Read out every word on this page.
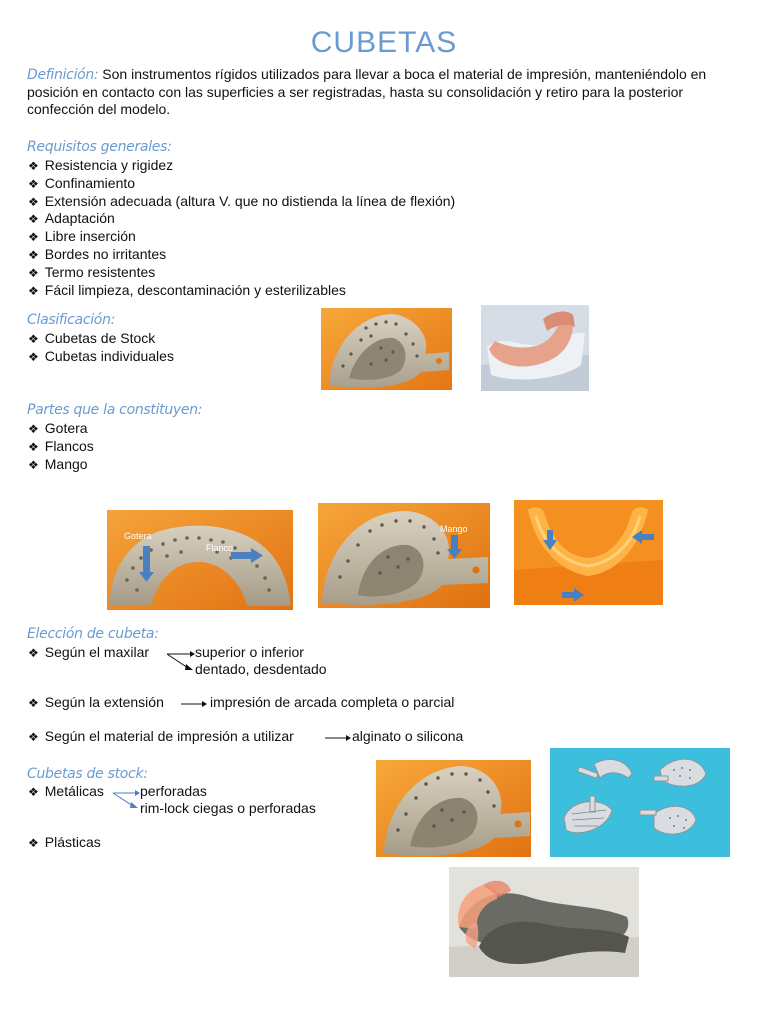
CUBETAS
Definición: Son instrumentos rígidos utilizados para llevar a boca el material de impresión, manteniéndolo en posición en contacto con las superficies a ser registradas, hasta su consolidación y retiro para la posterior confección del modelo.
Requisitos generales:
❖ Resistencia y rigidez
❖ Confinamiento
❖ Extensión adecuada (altura V. que no distienda la línea de flexión)
❖ Adaptación
❖ Libre inserción
❖ Bordes no irritantes
❖ Termo resistentes
❖ Fácil limpieza, descontaminación y esterilizables
Clasificación:
❖ Cubetas de Stock
❖ Cubetas individuales
Partes que la constituyen:
❖ Gotera
❖ Flancos
❖ Mango
Gotera
Flanco
Mango
Elección de cubeta:
❖ Según el maxilar	superior o inferior
dentado, desdentado
❖ Según la extensión	impresión de arcada completa o parcial
❖ Según el material de impresión a utilizar	alginato o silicona
Cubetas de stock:
❖ Metálicas	perforadas
rim-lock ciegas o perforadas
❖ Plásticas
